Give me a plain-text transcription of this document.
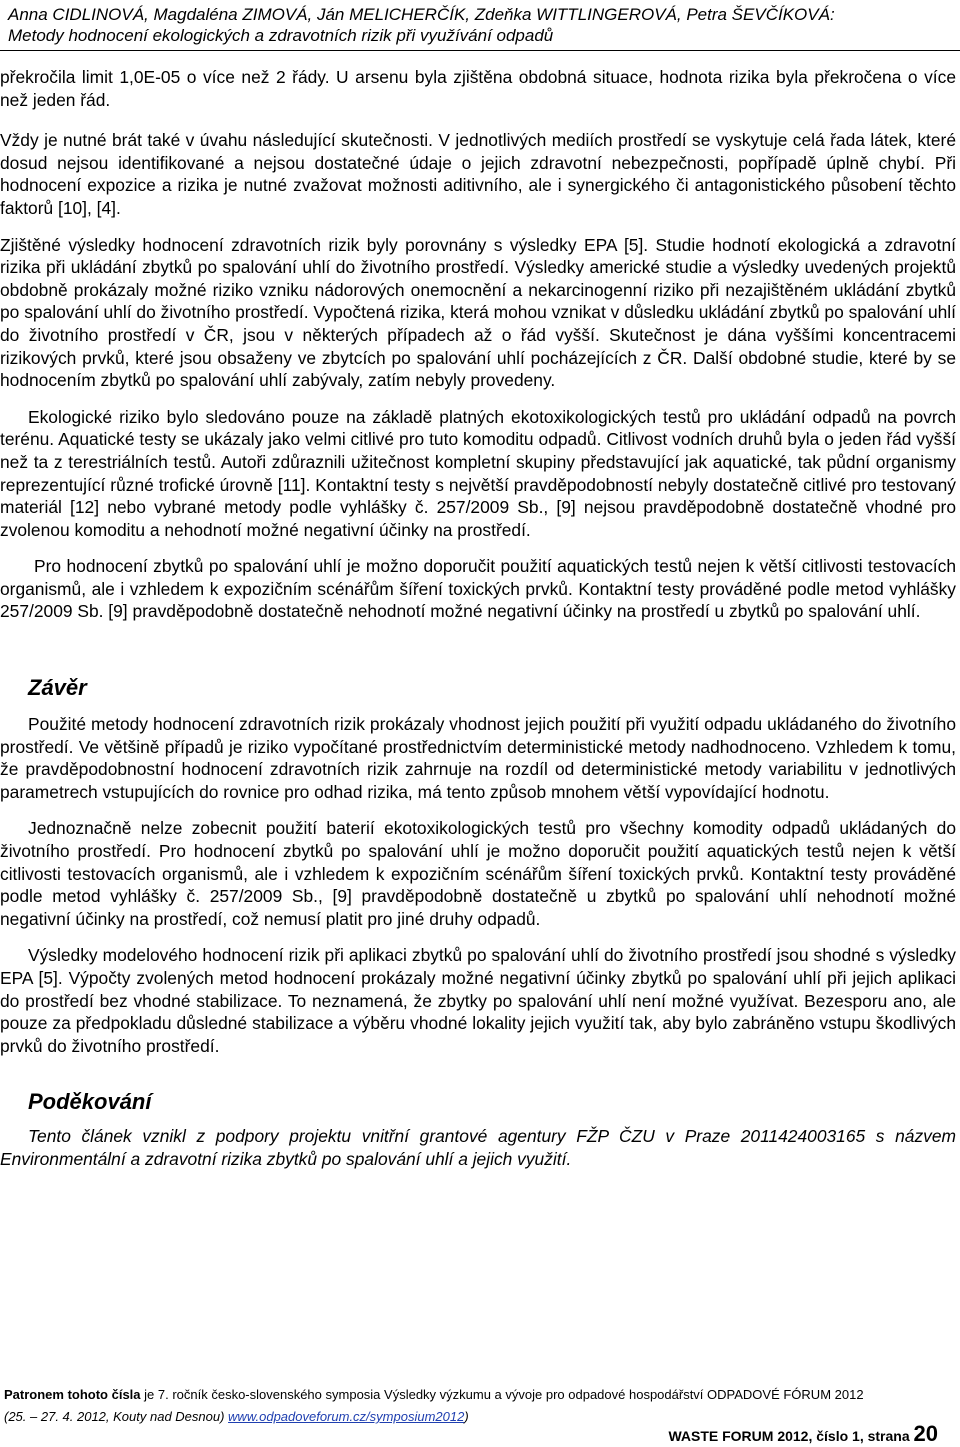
Anna CIDLINOVÁ, Magdaléna ZIMOVÁ, Ján MELICHERČÍK, Zdeňka WITTLINGEROVÁ, Petra ŠEVČÍKOVÁ:
Metody hodnocení ekologických a zdravotních rizik při využívání odpadů

překročila limit 1,0E-05 o více než 2 řády. U arsenu byla zjištěna obdobná situace, hodnota rizika byla překročena o více než jeden řád.

Vždy je nutné brát také v úvahu následující skutečnosti. V jednotlivých mediích prostředí se vyskytuje celá řada látek, které dosud nejsou identifikované a nejsou dostatečné údaje o jejich zdravotní nebezpečnosti, popřípadě úplně chybí. Při hodnocení expozice a rizika je nutné zvažovat možnosti aditivního, ale i synergického či antagonistického působení těchto faktorů [10], [4].

Zjištěné výsledky hodnocení zdravotních rizik byly porovnány s výsledky EPA [5]. Studie hodnotí ekologická a zdravotní rizika při ukládání zbytků po spalování uhlí do životního prostředí. Výsledky americké studie a výsledky uvedených projektů obdobně prokázaly možné riziko vzniku nádorových onemocnění a nekarcinogenní riziko při nezajištěném ukládání zbytků po spalování uhlí do životního prostředí. Vypočtená rizika, která mohou vznikat v důsledku ukládání zbytků po spalování uhlí do životního prostředí v ČR, jsou v některých případech až o řád vyšší. Skutečnost je dána vyššími koncentracemi rizikových prvků, které jsou obsaženy ve zbytcích po spalování uhlí pocházejících z ČR. Další obdobné studie, které by se hodnocením zbytků po spalování uhlí zabývaly, zatím nebyly provedeny.

Ekologické riziko bylo sledováno pouze na základě platných ekotoxikologických testů pro ukládání odpadů na povrch terénu. Aquatické testy se ukázaly jako velmi citlivé pro tuto komoditu odpadů. Citlivost vodních druhů byla o jeden řád vyšší než ta z terestriálních testů. Autoři zdůraznili užitečnost kompletní skupiny představující jak aquatické, tak půdní organismy reprezentující různé trofické úrovně [11]. Kontaktní testy s největší pravděpodobností nebyly dostatečně citlivé pro testovaný materiál [12] nebo vybrané metody podle vyhlášky č. 257/2009 Sb., [9] nejsou pravděpodobně dostatečně vhodné pro zvolenou komoditu a nehodnotí možné negativní účinky na prostředí.

Pro hodnocení zbytků po spalování uhlí je možno doporučit použití aquatických testů nejen k větší citlivosti testovacích organismů, ale i vzhledem k expozičním scénářům šíření toxických prvků. Kontaktní testy prováděné podle metod vyhlášky 257/2009 Sb. [9] pravděpodobně dostatečně nehodnotí možné negativní účinky na prostředí u zbytků po spalování uhlí.

Závěr

Použité metody hodnocení zdravotních rizik prokázaly vhodnost jejich použití při využití odpadu ukládaného do životního prostředí. Ve většině případů je riziko vypočítané prostřednictvím deterministické metody nadhodnoceno. Vzhledem k tomu, že pravděpodobnostní hodnocení zdravotních rizik zahrnuje na rozdíl od deterministické metody variabilitu v jednotlivých parametrech vstupujících do rovnice pro odhad rizika, má tento způsob mnohem větší vypovídající hodnotu.

Jednoznačně nelze zobecnit použití baterií ekotoxikologických testů pro všechny komodity odpadů ukládaných do životního prostředí. Pro hodnocení zbytků po spalování uhlí je možno doporučit použití aquatických testů nejen k větší citlivosti testovacích organismů, ale i vzhledem k expozičním scénářům šíření toxických prvků. Kontaktní testy prováděné podle metod vyhlášky č. 257/2009 Sb., [9] pravděpodobně dostatečně u zbytků po spalování uhlí nehodnotí možné negativní účinky na prostředí, což nemusí platit pro jiné druhy odpadů.

Výsledky modelového hodnocení rizik při aplikaci zbytků po spalování uhlí do životního prostředí jsou shodné s výsledky EPA [5]. Výpočty zvolených metod hodnocení prokázaly možné negativní účinky zbytků po spalování uhlí při jejich aplikaci do prostředí bez vhodné stabilizace. To neznamená, že zbytky po spalování uhlí není možné využívat. Bezesporu ano, ale pouze za předpokladu důsledné stabilizace a výběru vhodné lokality jejich využití tak, aby bylo zabráněno vstupu škodlivých prvků do životního prostředí.

Poděkování

Tento článek vznikl z podpory projektu vnitřní grantové agentury FŽP ČZU v Praze 2011424003165 s názvem Environmentální a zdravotní rizika zbytků po spalování uhlí a jejich využití.

Patronem tohoto čísla je 7. ročník česko-slovenského symposia Výsledky výzkumu a vývoje pro odpadové hospodářství ODPADOVÉ FÓRUM 2012
(25. – 27. 4. 2012, Kouty nad Desnou) www.odpadoveforum.cz/symposium2012)
WASTE FORUM 2012, číslo 1, strana 20
